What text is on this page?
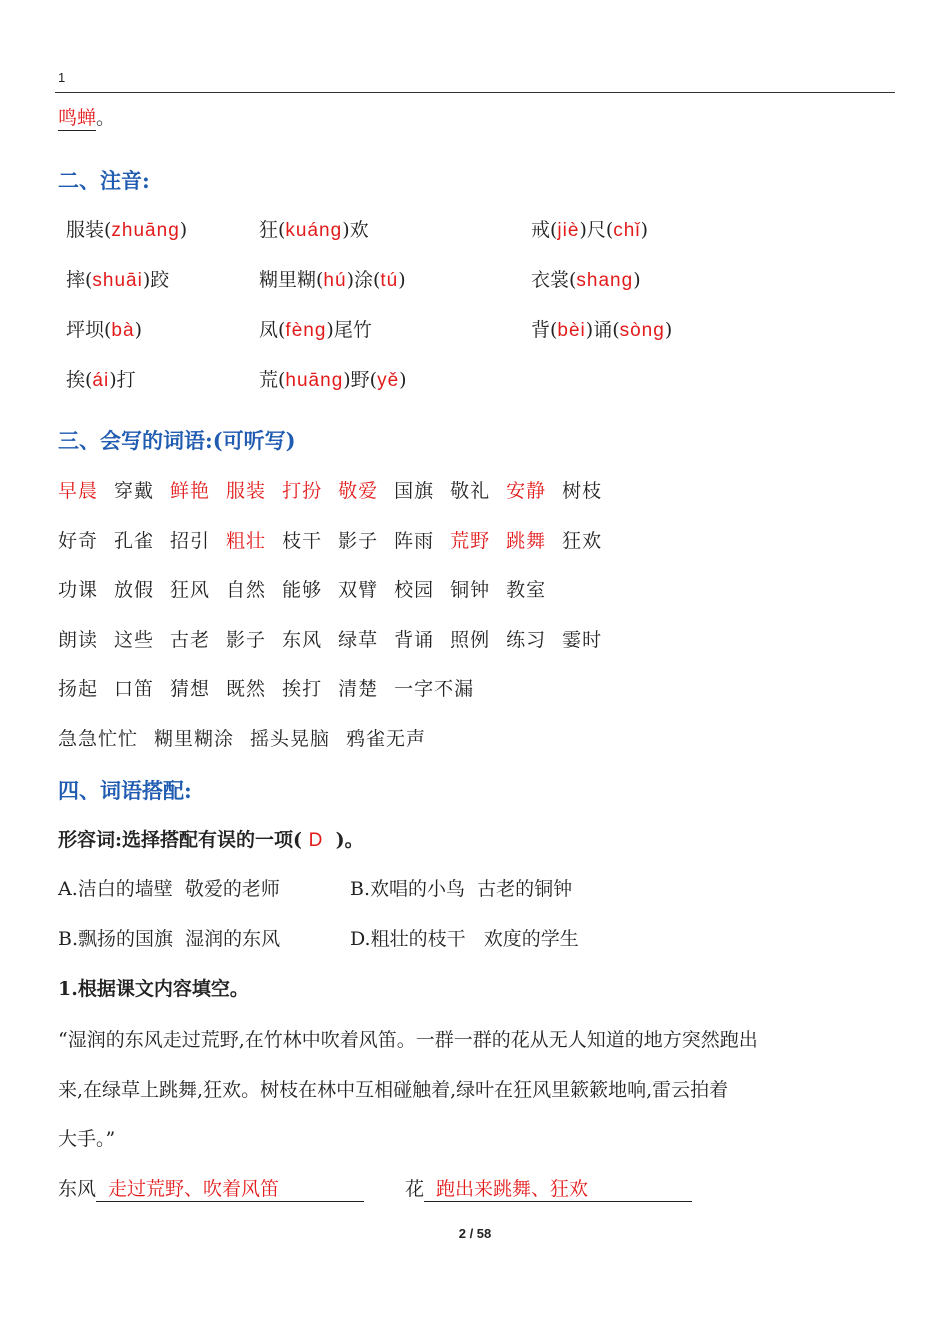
1
鸣蝉。
二、注音:
服装(zhuāng)	狂(kuáng)欢	戒(jiè)尺(chǐ)
摔(shuāi)跤	糊里糊(hú)涂(tú)	衣裳(shang)
坪坝(bà)	凤(fèng)尾竹	背(bèi)诵(sòng)
挨(ái)打	荒(huāng)野(yě)
三、会写的词语:(可听写)
早晨 穿戴 鲜艳 服装 打扮 敬爱 国旗 敬礼 安静 树枝
好奇 孔雀 招引 粗壮 枝干 影子 阵雨 荒野 跳舞 狂欢
功课 放假 狂风 自然 能够 双臂 校园 铜钟 教室
朗读 这些 古老 影子 东风 绿草 背诵 照例 练习 霎时
扬起 口笛 猜想 既然 挨打 清楚 一字不漏
急急忙忙 糊里糊涂 摇头晃脑 鸦雀无声
四、词语搭配:
形容词:选择搭配有误的一项( D )。
A.洁白的墙壁  敬爱的老师	B.欢唱的小鸟  古老的铜钟
B.飘扬的国旗  湿润的东风	D.粗壮的枝干   欢度的学生
1.根据课文内容填空。
“湿润的东风走过荒野,在竹林中吹着风笛。一群一群的花从无人知道的地方突然跑出
来,在绿草上跳舞,狂欢。树枝在林中互相碰触着,绿叶在狂风里簌簌地响,雷云拍着
大手。”
东风 走过荒野、吹着风笛	花 跑出来跳舞、狂欢
2 / 58
